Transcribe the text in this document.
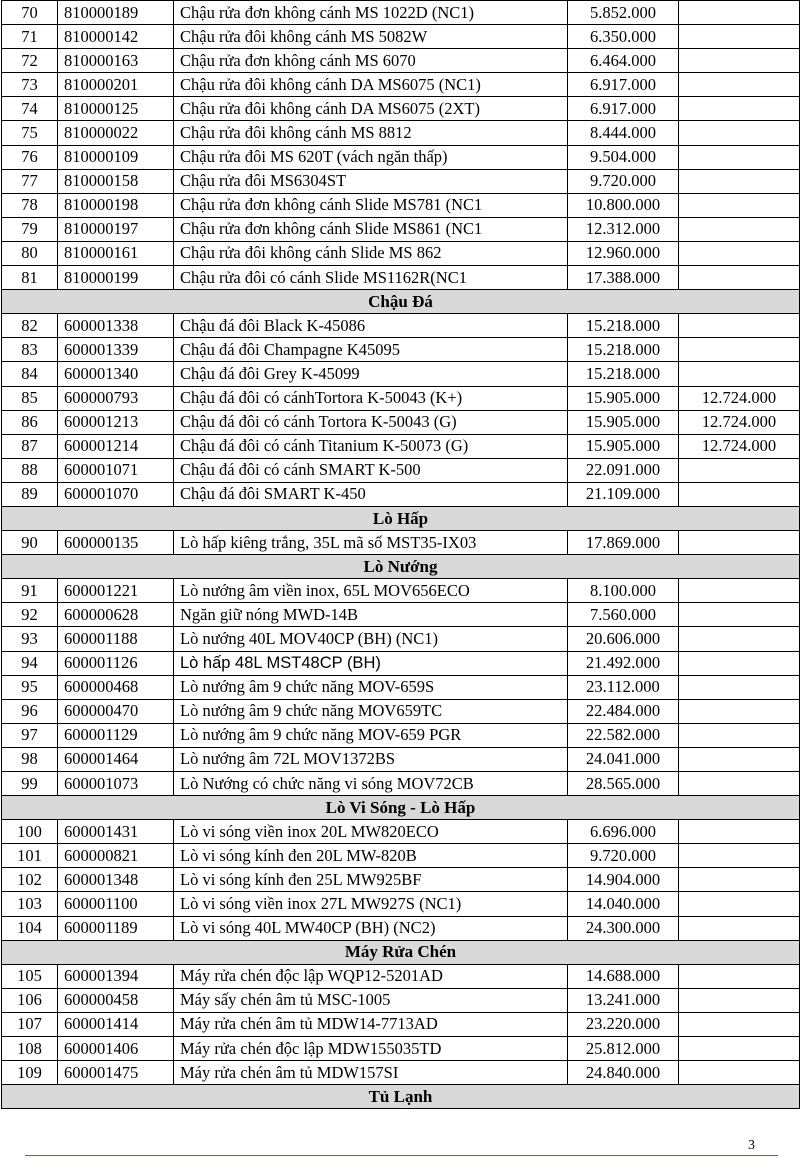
70	810000189	Chậu rửa đơn không cánh MS 1022D (NC1)	5.852.000	
71	810000142	Chậu rửa đôi không cánh MS 5082W	6.350.000	
72	810000163	Chậu rửa đơn không cánh MS 6070	6.464.000	
73	810000201	Chậu rửa đôi không cánh DA MS6075 (NC1)	6.917.000	
74	810000125	Chậu rửa đôi không cánh DA MS6075 (2XT)	6.917.000	
75	810000022	Chậu rửa đôi không cánh MS 8812	8.444.000	
76	810000109	Chậu rửa đôi MS 620T (vách ngăn thấp)	9.504.000	
77	810000158	Chậu rửa đôi MS6304ST	9.720.000	
78	810000198	Chậu rửa đơn không cánh Slide MS781 (NC1	10.800.000	
79	810000197	Chậu rửa đơn không cánh Slide MS861 (NC1	12.312.000	
80	810000161	Chậu rửa đôi không cánh Slide MS 862	12.960.000	
81	810000199	Chậu rửa đôi có cánh Slide MS1162R(NC1	17.388.000	
Chậu Đá				
82	600001338	Chậu đá đôi Black K-45086	15.218.000	
83	600001339	Chậu đá đôi Champagne K45095	15.218.000	
84	600001340	Chậu đá đôi Grey K-45099	15.218.000	
85	600000793	Chậu đá đôi có cánhTortora K-50043 (K+)	15.905.000	12.724.000
86	600001213	Chậu đá đôi có cánh Tortora K-50043 (G)	15.905.000	12.724.000
87	600001214	Chậu đá đôi có cánh Titanium K-50073 (G)	15.905.000	12.724.000
88	600001071	Chậu đá đôi có cánh SMART K-500	22.091.000	
89	600001070	Chậu đá đôi SMART K-450	21.109.000	
Lò Hấp				
90	600000135	Lò hấp kiêng trắng, 35L mã số MST35-IX03	17.869.000	
Lò Nướng				
91	600001221	Lò nướng âm viền inox, 65L MOV656ECO	8.100.000	
92	600000628	Ngăn giữ nóng MWD-14B	7.560.000	
93	600001188	Lò nướng 40L MOV40CP (BH) (NC1)	20.606.000	
94	600001126	Lò hấp 48L MST48CP (BH)	21.492.000	
95	600000468	Lò nướng âm 9 chức năng MOV-659S	23.112.000	
96	600000470	Lò nướng âm 9 chức năng MOV659TC	22.484.000	
97	600001129	Lò nướng âm 9 chức năng MOV-659 PGR	22.582.000	
98	600001464	Lò nướng âm 72L MOV1372BS	24.041.000	
99	600001073	Lò Nướng có chức năng vi sóng MOV72CB	28.565.000	
Lò Vi Sóng - Lò Hấp				
100	600001431	Lò vi sóng viền inox 20L MW820ECO	6.696.000	
101	600000821	Lò vi sóng kính đen 20L MW-820B	9.720.000	
102	600001348	Lò vi sóng kính đen 25L MW925BF	14.904.000	
103	600001100	Lò vi sóng viền inox 27L MW927S (NC1)	14.040.000	
104	600001189	Lò vi sóng 40L MW40CP (BH) (NC2)	24.300.000	
Máy Rửa Chén				
105	600001394	Máy rửa chén độc lập WQP12-5201AD	14.688.000	
106	600000458	Máy sấy chén âm tủ MSC-1005	13.241.000	
107	600001414	Máy rửa chén âm tủ MDW14-7713AD	23.220.000	
108	600001406	Máy rửa chén độc lập MDW155035TD	25.812.000	
109	600001475	Máy rửa chén âm tủ MDW157SI	24.840.000	
Tủ Lạnh				
3
